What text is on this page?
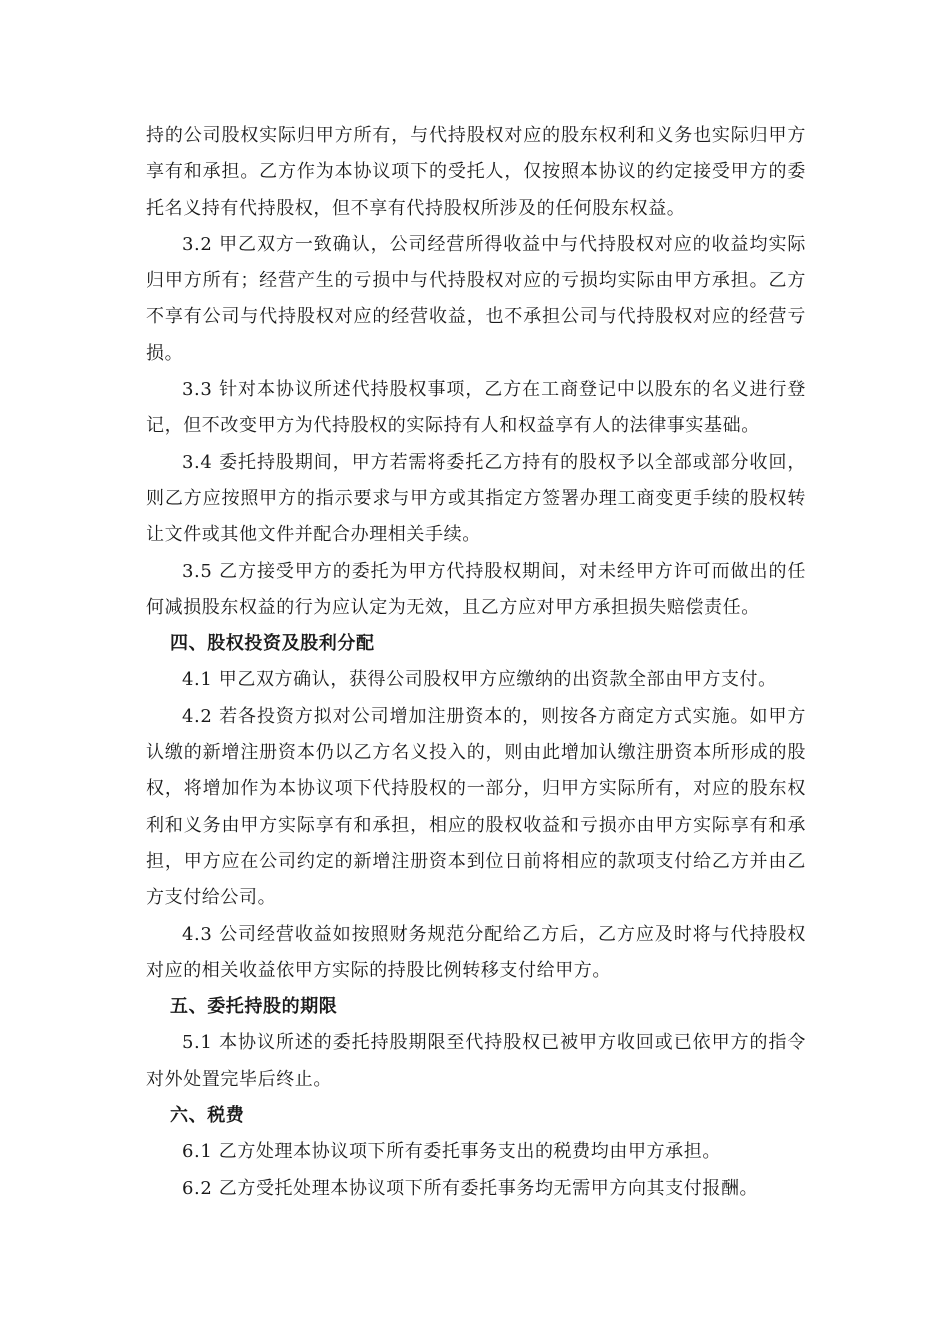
持的公司股权实际归甲方所有，与代持股权对应的股东权利和义务也实际归甲方享有和承担。乙方作为本协议项下的受托人，仅按照本协议的约定接受甲方的委托名义持有代持股权，但不享有代持股权所涉及的任何股东权益。

3.2 甲乙双方一致确认，公司经营所得收益中与代持股权对应的收益均实际归甲方所有；经营产生的亏损中与代持股权对应的亏损均实际由甲方承担。乙方不享有公司与代持股权对应的经营收益，也不承担公司与代持股权对应的经营亏损。

3.3 针对本协议所述代持股权事项，乙方在工商登记中以股东的名义进行登记，但不改变甲方为代持股权的实际持有人和权益享有人的法律事实基础。

3.4 委托持股期间，甲方若需将委托乙方持有的股权予以全部或部分收回，则乙方应按照甲方的指示要求与甲方或其指定方签署办理工商变更手续的股权转让文件或其他文件并配合办理相关手续。

3.5 乙方接受甲方的委托为甲方代持股权期间，对未经甲方许可而做出的任何减损股东权益的行为应认定为无效，且乙方应对甲方承担损失赔偿责任。

四、股权投资及股利分配

4.1 甲乙双方确认，获得公司股权甲方应缴纳的出资款全部由甲方支付。

4.2 若各投资方拟对公司增加注册资本的，则按各方商定方式实施。如甲方认缴的新增注册资本仍以乙方名义投入的，则由此增加认缴注册资本所形成的股权，将增加作为本协议项下代持股权的一部分，归甲方实际所有，对应的股东权利和义务由甲方实际享有和承担，相应的股权收益和亏损亦由甲方实际享有和承担，甲方应在公司约定的新增注册资本到位日前将相应的款项支付给乙方并由乙方支付给公司。

4.3 公司经营收益如按照财务规范分配给乙方后，乙方应及时将与代持股权对应的相关收益依甲方实际的持股比例转移支付给甲方。

五、委托持股的期限

5.1 本协议所述的委托持股期限至代持股权已被甲方收回或已依甲方的指令对外处置完毕后终止。

六、税费

6.1 乙方处理本协议项下所有委托事务支出的税费均由甲方承担。

6.2 乙方受托处理本协议项下所有委托事务均无需甲方向其支付报酬。
